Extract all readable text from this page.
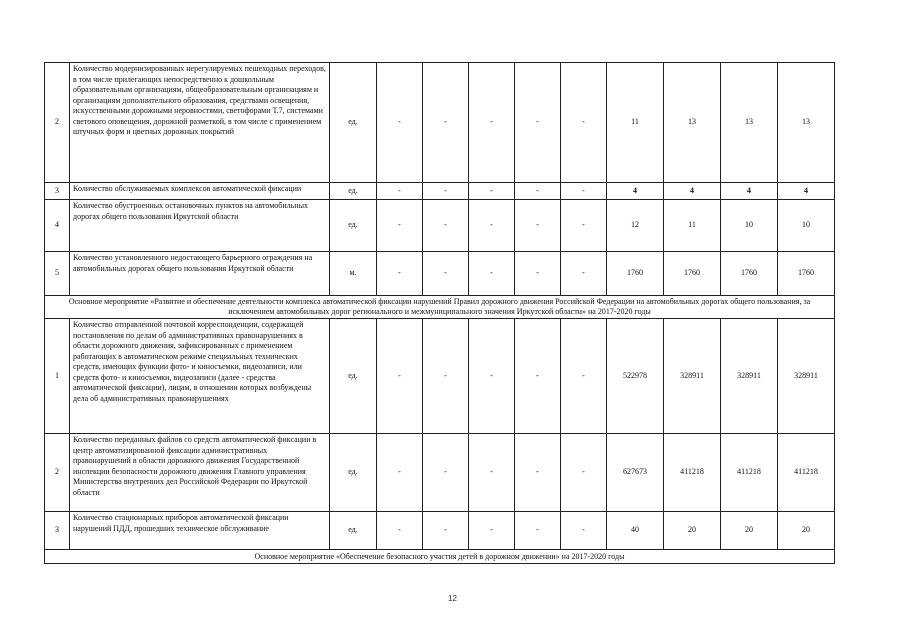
2	Количество модернизированных нерегулируемых пешеходных переходов, в том числе прилегающих непосредственно к дошкольным образовательным организациям, общеобразовательным организациям и организациям дополнительного образования, средствами освещения, искусственными дорожными неровностями, светофорами Т.7, системами светового оповещения, дорожной разметкой, в том числе с применением штучных форм и цветных дорожных покрытий	ед.	-	-	-	-	-	11	13	13	13
3	Количество обслуживаемых комплексов автоматической фиксации	ед.	-	-	-	-	-	4	4	4	4
4	Количество обустроенных остановочных пунктов на автомобильных дорогах общего пользования Иркутской области	ед.	-	-	-	-	-	12	11	10	10
5	Количество установленного недостающего барьерного ограждения на автомобильных дорогах общего пользования Иркутской области	м.	-	-	-	-	-	1760	1760	1760	1760
Основное мероприятие «Развитие и обеспечение деятельности комплекса автоматической фиксации нарушений Правил дорожного движения Российской Федерации на автомобильных дорогах общего пользования, за исключением автомобильных дорог регионального и межмуниципального значения Иркутской области» на 2017-2020 годы											
1	Количество отправленной почтовой корреспонденции, содержащей постановления по делам об административных правонарушениях в области дорожного движения, зафиксированных с применением работающих в автоматическом режиме специальных технических средств, имеющих функции фото- и киносъемки, видеозаписи, или средств фото- и киносъемки, видеозаписи (далее - средства автоматической фиксации), лицам, в отношении которых возбуждены дела об административных правонарушениях	ед.	-	-	-	-	-	522978	328911	328911	328911
2	Количество переданных файлов со средств автоматической фиксации в центр автоматизированной фиксации административных правонарушений в области дорожного движения Государственной инспекции безопасности дорожного движения Главного управления Министерства внутренних дел Российской Федерации по Иркутской области	ед.	-	-	-	-	-	627673	411218	411218	411218
3	Количество стационарных приборов автоматической фиксации нарушений ПДД, прошедших техническое обслуживание	ед.	-	-	-	-	-	40	20	20	20
Основное мероприятие «Обеспечение безопасного участия детей в дорожном движении» на 2017-2020 годы											
12
